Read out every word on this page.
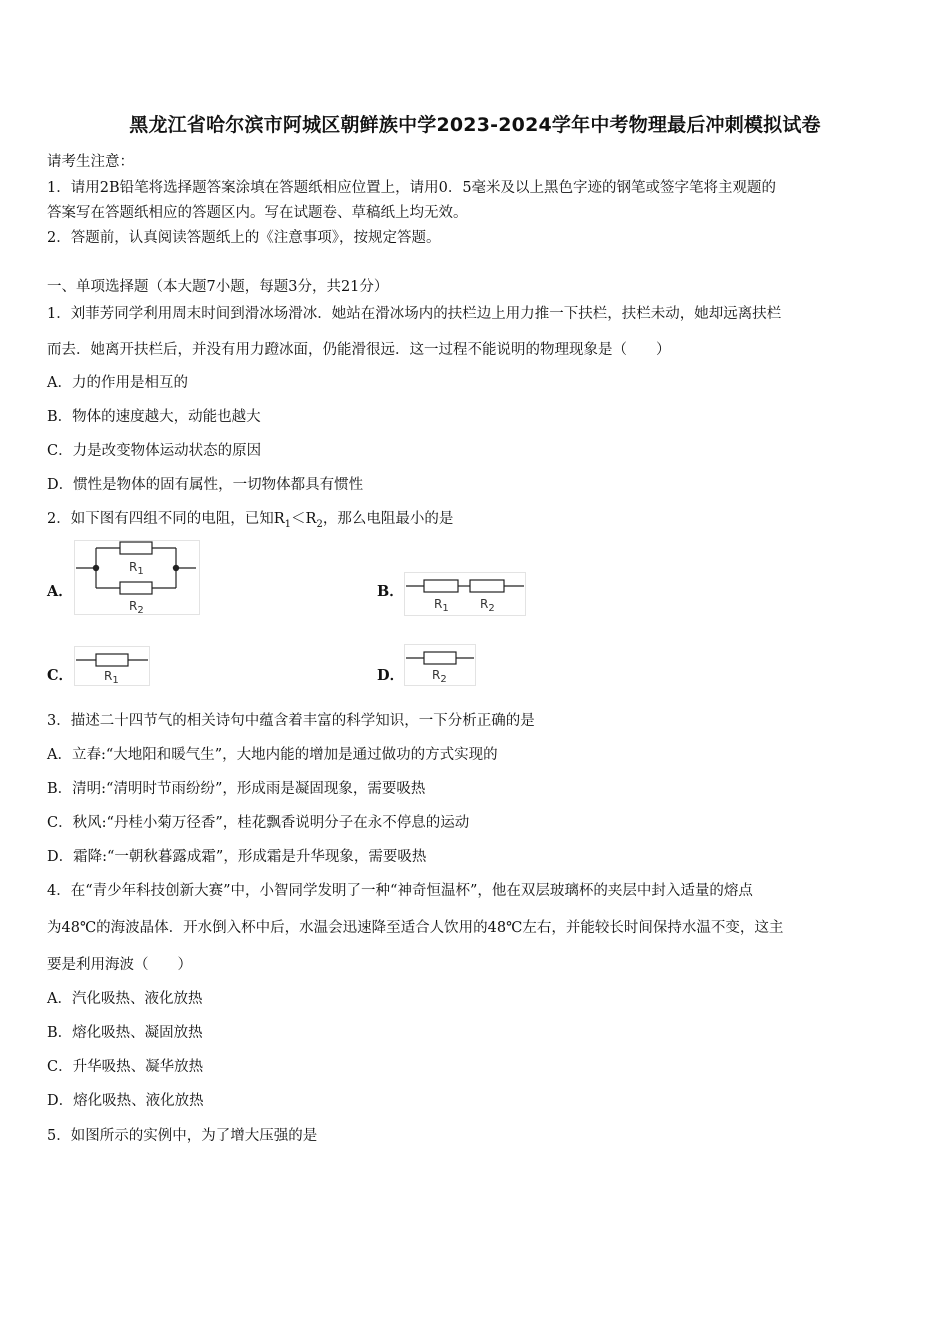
黑龙江省哈尔滨市阿城区朝鲜族中学2023-2024学年中考物理最后冲刺模拟试卷
请考生注意：
1．请用2B铅笔将选择题答案涂填在答题纸相应位置上，请用0．5毫米及以上黑色字迹的钢笔或签字笔将主观题的
答案写在答题纸相应的答题区内。写在试题卷、草稿纸上均无效。
2．答题前，认真阅读答题纸上的《注意事项》，按规定答题。
一、单项选择题（本大题7小题，每题3分，共21分）
1．刘菲芳同学利用周末时间到滑冰场滑冰．她站在滑冰场内的扶栏边上用力推一下扶栏，扶栏未动，她却远离扶栏
而去．她离开扶栏后，并没有用力蹬冰面，仍能滑很远．这一过程不能说明的物理现象是（　　）
A．力的作用是相互的
B．物体的速度越大，动能也越大
C．力是改变物体运动状态的原因
D．惯性是物体的固有属性，一切物体都具有惯性
2．如下图有四组不同的电阻，已知$R_1<R_2$，那么电阻最小的是
A．	B．
C．	D．
$R_1$
$R_2$	$R_1$	$R_2$
$R_1$	$R_2$
3．描述二十四节气的相关诗句中蕴含着丰富的科学知识，一下分析正确的是
A．立春:“大地阳和暖气生”，大地内能的增加是通过做功的方式实现的
B．清明:“清明时节雨纷纷”，形成雨是凝固现象，需要吸热
C．秋风:“丹桂小菊万径香”，桂花飘香说明分子在永不停息的运动
D．霜降:“一朝秋暮露成霜”，形成霜是升华现象，需要吸热
4．在“青少年科技创新大赛”中，小智同学发明了一种“神奇恒温杯”，他在双层玻璃杯的夹层中封入适量的熔点
为48℃的海波晶体．开水倒入杯中后，水温会迅速降至适合人饮用的48℃左右，并能较长时间保持水温不变，这主
要是利用海波（　　）
A．汽化吸热、液化放热
B．熔化吸热、凝固放热
C．升华吸热、凝华放热
D．熔化吸热、液化放热
5．如图所示的实例中，为了增大压强的是
